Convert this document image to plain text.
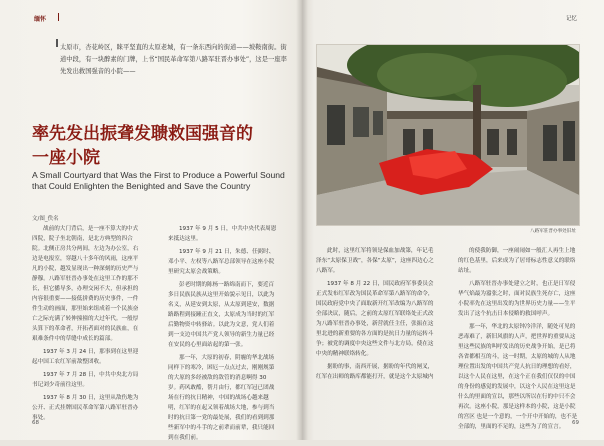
缅怀
太原市，杏花岭区，睐平坚直的太原老城，有一条东西向的街道——坡鞍南街。街道中段，有一块醉素的门牌，上书“国民革命军第八路军驻晋办事处”，这是一座率先发出救国强音的小院——
率先发出振聋发聩救国强音的
一座小院
A Small Courtyard that Was the First to Produce a Powerful Sound that Could Enlighten the Benighted and Save the Country
文/图_佚名

战前的大门背后，是一座不算大的中式四院，院子坐北朝南，是北方典型的四合院。北侧正房共分两间，左边为办公室，右边是电报室，穿越八十多年的风雨，这座平凡的小院，越发显现出一种深刻的历史严与静穆。八路军驻晋办事处在这里工作的那不长，但它播导多，办理交闲不大，但承担的内容很重要——接低拼费的历史事件，一件件生动的画面，那里始来组成着一个民族奋亡之际充满了转伸撞撞的大过年代。一般厚头算下的革命者，开拓者面对的民族血，在艰难条件中的草缝中成长的篇部。

1937 年 3 月 24 日，那事到在这里迎起中国工农红军前敌整团收。

1937 年 7 月 28 日，中共中央北方局书记刘少奇前往这里。

1937 年 8 月 30 日，这里从敌伤地为公开、正式挂牌国民革命军第八路军驻晋办事处。

1937 年 9 月 5 日，中共中央代表周恩来抵达这里。

1937 年 9 月 21 日，朱德、任弼时、邓小平、左权等八路军总部领导在这座小院里研究太原会战策略。

彭老时期的陈杨一路绵南而下，要近百多日民族民族从这里开始貌示见日，以此为名义，从延安到太原，从太原到延安，数据路路程到接踵正直文，太原成为当时的红军后勤物资中转驿站。以此为文意，党人们着到一支边中国共产党人领导的新生力量已经在安民的心里面站起的第一张。

那一年，大原的初春，阴霾的华北战场同样下的寒冷，困厄一点点过去，刚刚规第的大原的多经被敌的敌管的消息啊得 30 岁。药风敢酷，帮月由行，都红军冠已团战场在行的抗日精神，中国的战场心越来越明，红军的在起又领着战场大地，参与到当时的抗日第一党的最处展，我们的看到到那些新军中的斗手的之前辈而前辈，我只能回到在我们前。

68
记忆
八路军驻晋办事处旧址

此时，这里红军将领是保血加战第，年记毛泽东“太原保卫战“，各保“太原”，这座四边心之八路军。

1937 年 8 月 22 日，国民政府军事委员会正式发布红军改为国民革命军第八路军的命令，国民政府党中央了面取新开红军改编为八路军的全部决议，随后，之前的太原红军联络处正式改为八路军驻晋办事处，新营就任主任，张振在这里北进的新重要的各方面的是抗日力量的运转斗争；被党的调度中央这些文件与北方局，使在这中央的精神联络转化。

据盼的事，南西开展，据盼的年代的闸叉，红军在出师的路库都能打开，就是这个太原城内

的使我防御，一座闹闹如一般汇人再生上地的红色基里，后来成为了居哥标志性意义的联络站址。

八路军驻晋办事处建立之时，也正是日军侵华气焰最为嚣张之时，面对民族生死存亡，这座小院率先在这里出发的为世界历史力量——生平发出了这个抗击日本侵略的救国呼声。

那一年，华北的太原钟冷洋洋，随处可见的恶毒难了，新旧风旗的人声，把世界的重要从这里这些民族的叫呼发出的历史战争开始，是已将各省都相互的斗，这一时期，太原的城的人从地理位置出发的中国共产党人抗日的理想的看好，以这个人民在这里，在这个正在我们仅仅的中国的身份的感觉的发展中，以这个人民在这里这是什么的里面的宣以，那些以所以在行的中只不会再次。这座小院，那是这样本的小院，这是小院的宫区 也是一个意的，一个开中开始的，也不是全部的，里面的不足的，这些为了的宣言。

69
